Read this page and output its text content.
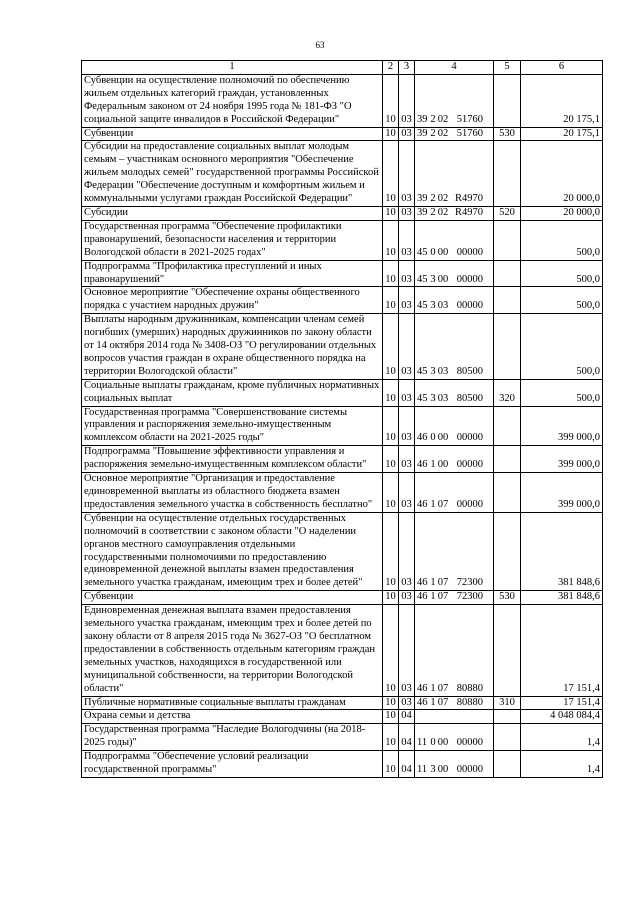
63
1	2	3	4	5	6
Субвенции на осуществление полномочий по обеспечению жильем отдельных категорий граждан, установленных Федеральным законом от 24 ноября 1995 года № 181-ФЗ "О социальной защите инвалидов в Российской Федерации"	10	03	39 2 02 51760		20 175,1
Субвенции	10	03	39 2 02 51760	530	20 175,1
Субсидии на предоставление социальных выплат молодым семьям – участникам основного мероприятия "Обеспечение жильем молодых семей" государственной программы Российской Федерации "Обеспечение доступным и комфортным жильем и коммунальными услугами граждан Российской Федерации"	10	03	39 2 02 R4970		20 000,0
Субсидии	10	03	39 2 02 R4970	520	20 000,0
Государственная программа "Обеспечение профилактики правонарушений, безопасности населения и территории Вологодской области в 2021-2025 годах"	10	03	45 0 00 00000		500,0
Подпрограмма "Профилактика преступлений и иных правонарушений"	10	03	45 3 00 00000		500,0
Основное мероприятие "Обеспечение охраны общественного порядка с участием народных дружин"	10	03	45 3 03 00000		500,0
Выплаты народным дружинникам, компенсации членам семей погибших (умерших) народных дружинников по закону области от 14 октября 2014 года № 3408-ОЗ "О регулировании отдельных вопросов участия граждан в охране общественного порядка на территории Вологодской области"	10	03	45 3 03 80500		500,0
Социальные выплаты гражданам, кроме публичных нормативных социальных выплат	10	03	45 3 03 80500	320	500,0
Государственная программа "Совершенствование системы управления и распоряжения земельно-имущественным комплексом области на 2021-2025 годы"	10	03	46 0 00 00000		399 000,0
Подпрограмма "Повышение эффективности управления и распоряжения земельно-имущественным комплексом области"	10	03	46 1 00 00000		399 000,0
Основное мероприятие "Организация и предоставление единовременной выплаты из областного бюджета взамен предоставления земельного участка в собственность бесплатно"	10	03	46 1 07 00000		399 000,0
Субвенции на осуществление отдельных государственных полномочий в соответствии с законом области "О наделении органов местного самоуправления отдельными государственными полномочиями по предоставлению единовременной денежной выплаты взамен предоставления земельного участка гражданам, имеющим трех и более детей"	10	03	46 1 07 72300		381 848,6
Субвенции	10	03	46 1 07 72300	530	381 848,6
Единовременная денежная выплата взамен предоставления земельного участка гражданам, имеющим трех и более детей по закону области от 8 апреля 2015 года № 3627-ОЗ "О бесплатном предоставлении в собственность отдельным категориям граждан земельных участков, находящихся в государственной или муниципальной собственности, на территории Вологодской области"	10	03	46 1 07 80880		17 151,4
Публичные нормативные социальные выплаты гражданам	10	03	46 1 07 80880	310	17 151,4
Охрана семьи и детства	10	04			4 048 084,4
Государственная программа "Наследие Вологодчины (на 2018-2025 годы)"	10	04	11 0 00 00000		1,4
Подпрограмма "Обеспечение условий реализации государственной программы"	10	04	11 3 00 00000		1,4
